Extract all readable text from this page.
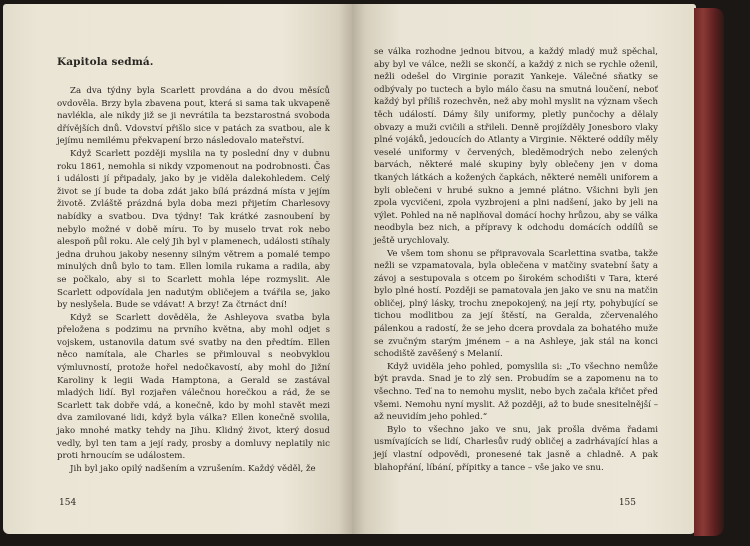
Kapitola sedmá.

Za dva týdny byla Scarlett provdána a do dvou měsíců ovdověla. Brzy byla zbavena pout, která si sama tak ukvapeně navlékla, ale nikdy již se ji nevrátila ta bezstarostná svoboda dřívějších dnů. Vdovství přišlo sice v patách za svatbou, ale k jejímu nemilému překvapení brzo následovalo mateřství.

Když Scarlett později myslila na ty poslední dny v dubnu roku 1861, nemohla si nikdy vzpomenout na podrobnosti. Čas i události jí připadaly, jako by je viděla dalekohledem. Celý život se jí bude ta doba zdát jako bílá prázdná místa v jejím životě. Zvláště prázdná byla doba mezi přijetím Charlesovy nabídky a svatbou. Dva týdny! Tak krátké zasnoubení by nebylo možné v době míru. To by muselo trvat rok nebo alespoň půl roku. Ale celý Jih byl v plamenech, události stíhaly jedna druhou jakoby nesenny silným větrem a pomalé tempo minulých dnů bylo to tam. Ellen lomila rukama a radila, aby se počkalo, aby si to Scarlett mohla lépe rozmyslit. Ale Scarlett odpovídala jen nadutým obličejem a tvářila se, jako by neslyšela. Bude se vdávat! A brzy! Za čtrnáct dní!

Když se Scarlett dověděla, že Ashleyova svatba byla přeložena s podzimu na prvního května, aby mohl odjet s vojskem, ustanovila datum své svatby na den předtím. Ellen něco namítala, ale Charles se přimlouval s neobvyklou výmluvností, protože hořel nedočkavostí, aby mohl do Jižní Karoliny k legii Wada Hamptona, a Gerald se zastával mladých lidí. Byl rozjařen válečnou horečkou a rád, že se Scarlett tak dobře vdá, a konečně, kdo by mohl stavět mezi dva zamilované lidi, když byla válka? Ellen konečně svolila, jako mnohé matky tehdy na Jihu. Klidný život, který dosud vedly, byl ten tam a její rady, prosby a domluvy neplatily nic proti hrnoucím se událostem.

Jih byl jako opilý nadšením a vzrušením. Každý věděl, že

154

se válka rozhodne jednou bitvou, a každý mladý muž spěchal, aby byl ve válce, nežli se skončí, a každý z nich se rychle oženil, nežli odešel do Virginie porazit Yankeje. Válečné sňatky se odbývaly po tuctech a bylo málo času na smutná loučení, neboť každý byl příliš rozechvěn, než aby mohl myslit na význam všech těch událostí. Dámy šily uniformy, pletly punčochy a dělaly obvazy a muži cvičili a střileli. Denně projížděly Jonesboro vlaky plné vojáků, jedoucích do Atlanty a Virginie. Některé oddíly měly veselé uniformy v červených, bleděmodrých nebo zelených barvách, některé malé skupiny byly oblečeny jen v doma tkaných látkách a kožených čapkách, některé neměli uniforem a byli oblečeni v hrubé sukno a jemné plátno. Všichni byli jen zpola vycvičeni, zpola vyzbrojeni a plni nadšení, jako by jeli na výlet. Pohled na ně naplňoval domácí hochy hrůzou, aby se válka neodbyla bez nich, a přípravy k odchodu domácích oddílů se ještě urychlovaly.

Ve všem tom shonu se připravovala Scarlettina svatba, takže nežli se vzpamatovala, byla oblečena v matčiny svatební šaty a závoj a sestupovala s otcem po širokém schodišti v Tara, které bylo plné hostí. Později se pamatovala jen jako ve snu na matčin obličej, plný lásky, trochu znepokojený, na její rty, pohybující se tichou modlitbou za její štěstí, na Geralda, zčervenalého pálenkou a radostí, že se jeho dcera provdala za bohatého muže se zvučným starým jménem – a na Ashleye, jak stál na konci schodiště zavěšený s Melanií.

Když uviděla jeho pohled, pomyslila si: „To všechno nemůže být pravda. Snad je to zlý sen. Probudím se a zapomenu na to všechno. Teď na to nemohu myslit, nebo bych začala křičet před všemi. Nemohu nyní myslit. Až později, až to bude snesitelnější – až neuvidím jeho pohled.“

Bylo to všechno jako ve snu, jak prošla dvěma řadami usmívajících se lidí, Charlesův rudý obličej a zadrhávající hlas a její vlastní odpovědi, pronesené tak jasně a chladně. A pak blahopřání, líbání, přípitky a tance – vše jako ve snu.

155
